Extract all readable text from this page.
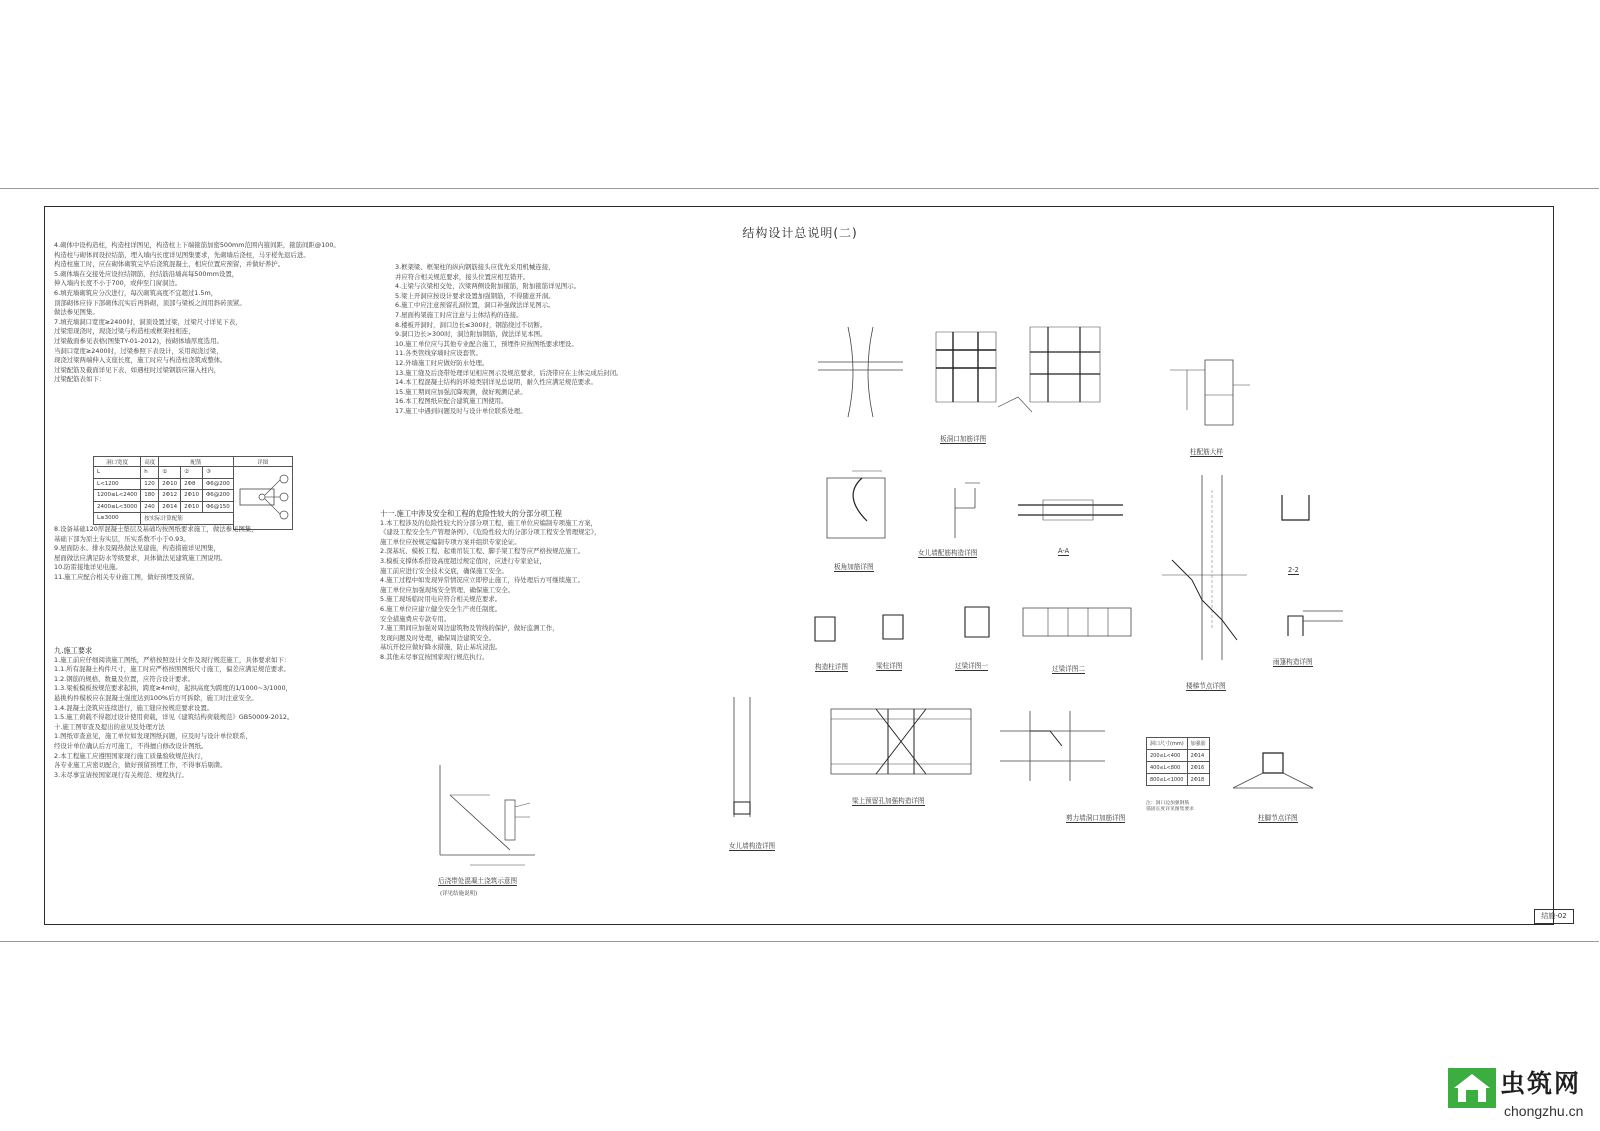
结构设计总说明(二)

4.砌体中设构造柱，构造柱详图见，构造柱上下端箍筋加密500mm范围内箍间距，箍筋间距@100。

构造柱与砌体间设拉结筋，埋入墙内长度详见图集要求，先砌墙后浇柱，马牙槎先退后进。

构造柱施工时，应在砌体砌筑完毕后浇筑混凝土，相应位置应预留，并做好养护。

5.砌体墙在交接处应设拉结钢筋，拉结筋沿墙高每500mm设置，

伸入墙内长度不小于700，或伸至门窗洞边。

6.填充墙砌筑应分次进行，每次砌筑高度不宜超过1.5m，

顶部砌体应待下部砌体沉实后再斜砌，顶部与梁板之间用斜砖顶紧。

做法参见图集。

7.填充墙洞口宽度≥2400时，洞顶设置过梁，过梁尺寸详见下表，

过梁需现浇时，现浇过梁与构造柱或框架柱相连，

过梁截面参见表格(图集TY-01-2012)，按砌体墙厚度选用。

当洞口宽度≥2400时，过梁参照下表设计，采用现浇过梁，

现浇过梁两端伸入支座长度，施工时应与构造柱浇筑成整体。

过梁配筋及截面详见下表，如遇柱时过梁钢筋应锚入柱内，

过梁配筋表如下：

洞口宽度	高度	配筋			详图
L	h	①	②	③	
L<1200	120	2Φ10	2Φ8	Φ6@200	
1200≤L<2400	180	2Φ12	2Φ10	Φ6@200	
2400≤L<3000	240	2Φ14	2Φ10	Φ6@150	
L≥3000	按实际计算配筋				

8.设备基础120厚混凝土垫层及基础均按图纸要求施工，做法参见图集，

基础下部为原土夯实层，压实系数不小于0.93。

9.屋面防水、排水及隔热做法见建施，构造措施详见图集，

屋面做法应满足防水等级要求，具体做法见建筑施工图说明。

10.防雷接地详见电施。

11.施工应配合相关专业施工图，做好预埋及预留。

九.施工要求

1.施工前应仔细阅读施工图纸，严格按照设计文件及现行规范施工，具体要求如下：

1.1.所有混凝土构件尺寸，施工时应严格按照图纸尺寸施工，偏差应满足规范要求。

1.2.钢筋的规格、数量及位置，应符合设计要求。

1.3.梁板模板按规范要求起拱，跨度≥4m时，起拱高度为跨度的1/1000~3/1000，

悬挑构件模板应在混凝土强度达到100%后方可拆除，施工时注意安全。

1.4.混凝土浇筑应连续进行，施工缝应按规范要求设置。

1.5.施工荷载不得超过设计使用荷载，详见《建筑结构荷载规范》GB50009-2012。

十.施工图审查及提出的意见及处理方法

1.图纸审查意见，施工单位如发现图纸问题，应及时与设计单位联系，

经设计单位确认后方可施工，不得擅自修改设计图纸。

2.本工程施工应遵照国家现行施工质量验收规范执行，

各专业施工应密切配合，做好预留预埋工作，不得事后剔凿。

3.未尽事宜请按国家现行有关规范、规程执行。

3.框架梁、框架柱的纵向钢筋接头应优先采用机械连接，

并应符合相关规范要求，接头位置应相互错开。

4.主梁与次梁相交处，次梁两侧设附加箍筋，附加箍筋详见图示。

5.梁上开洞应按设计要求设置加强钢筋，不得随意开洞。

6.施工中应注意预留孔洞位置，洞口补强做法详见图示。

7.屋面构架施工时应注意与主体结构的连接。

8.楼板开洞时，洞口边长≤300时，钢筋绕过不切断。

9.洞口边长>300时，洞边附加钢筋，做法详见本图。

10.施工单位应与其他专业配合施工，预埋件应按图纸要求埋设。

11.各类管线穿墙时应设套管。

12.外墙施工时应做好防水处理。

13.施工缝及后浇带处理详见相应图示及规范要求，后浇带应在主体完成后封闭。

14.本工程混凝土结构的环境类别详见总说明，耐久性应满足规范要求。

15.施工期间应加强沉降观测，做好观测记录。

16.本工程图纸应配合建筑施工图使用。

17.施工中遇到问题及时与设计单位联系处理。

十一.施工中涉及安全和工程的危险性较大的分部分项工程

1.本工程涉及的危险性较大的分部分项工程，施工单位应编制专项施工方案，

《建设工程安全生产管理条例》、《危险性较大的分部分项工程安全管理规定》，

施工单位应按规定编制专项方案并组织专家论证。

2.深基坑、模板工程、起重吊装工程、脚手架工程等应严格按规范施工。

3.模板支撑体系搭设高度超过规定值时，应进行专家论证，

施工前应进行安全技术交底，确保施工安全。

4.施工过程中如发现异常情况应立即停止施工，待处理后方可继续施工。

施工单位应加强现场安全管理，确保施工安全。

5.施工现场临时用电应符合相关规范要求。

6.施工单位应建立健全安全生产责任制度。

安全措施费应专款专用。

7.施工期间应加强对周边建筑物及管线的保护，做好监测工作，

发现问题及时处理，确保周边建筑安全。

基坑开挖应做好降水措施，防止基坑浸泡。

8.其他未尽事宜按国家现行规范执行。

后浇带处混凝土浇筑示意图
(详见结施说明)
板洞口加筋详图
柱配筋大样
板角加筋详图
女儿墙配筋构造详图	A-A
楼梯节点详图
2-2
构造柱详图	梁柱详图	过梁详图一	过梁详图二
雨篷构造详图
女儿墙构造详图
梁上预留孔加强构造详图
剪力墙洞口加筋详图
洞口尺寸(mm)	加强筋
200≤L<400	2Φ14
400≤L<800	2Φ16
800≤L<1000	2Φ18
注：洞口边加强钢筋
锚固长度详见图集要求
柱脚节点详图
结施-02
虫筑网
chongzhu.cn
